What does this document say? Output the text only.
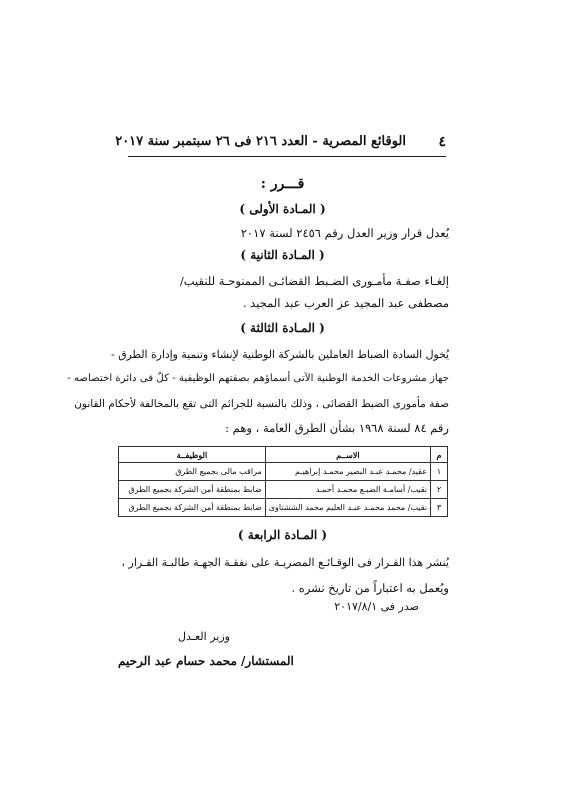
٤
الوقائع المصرية - العدد ٢١٦ فى ٢٦ سبتمبر سنة ٢٠١٧
قـــرر :
( المـادة الأولى )
يُعدل قرار وزير العدل رقم ٢٤٥٦ لسنة ٢٠١٧
( المـادة الثانية )
إلغـاء صفـة مأمـورى الضـبط القضائـى الممنوحـة للنقيب/
مصطفى عبد المجيد عز العرب عبد المجيد .
( المـادة الثالثة )
يُخول السادة الضباط العاملين بالشركة الوطنية لإنشاء وتنمية وإدارة الطرق -
جهاز مشروعات الخدمة الوطنية الآتى أسماؤهم بصفتهم الوظيفية - كلٌ فى دائرة اختصاصه -
صفة مأمورى الضبط القضائى ، وذلك بالنسبة للجرائم التى تقع بالمخالفة لأحكام القانون
رقم ٨٤ لسنة ١٩٦٨ بشأن الطرق العامة ، وهم :
م	الاســم	الوظيفــة
١	عقيد/ محمـد عبـد البصير محمـد إبراهيـم	مراقب مالى بجميع الطرق
٢	نقيب/ أسامـة الضبـع محمـد أحمـد	ضابط بمنطقة أمن الشركة بجميع الطرق
٣	نقيب/ محمد محمـد عبـد العليم محمد الششتاوى	ضابط بمنطقة أمن الشركة بجميع الطرق
( المـادة الرابعة )
يُنشر هذا القـرار فى الوقـائـع المصريـة على نفقـة الجهـة طالبـة القـرار ،
ويُعمل به اعتباراً من تاريخ نشره .
صدر فى ٢٠١٧/٨/١
وزير العـدل
المستشار/ محمد حسام عبد الرحيم
